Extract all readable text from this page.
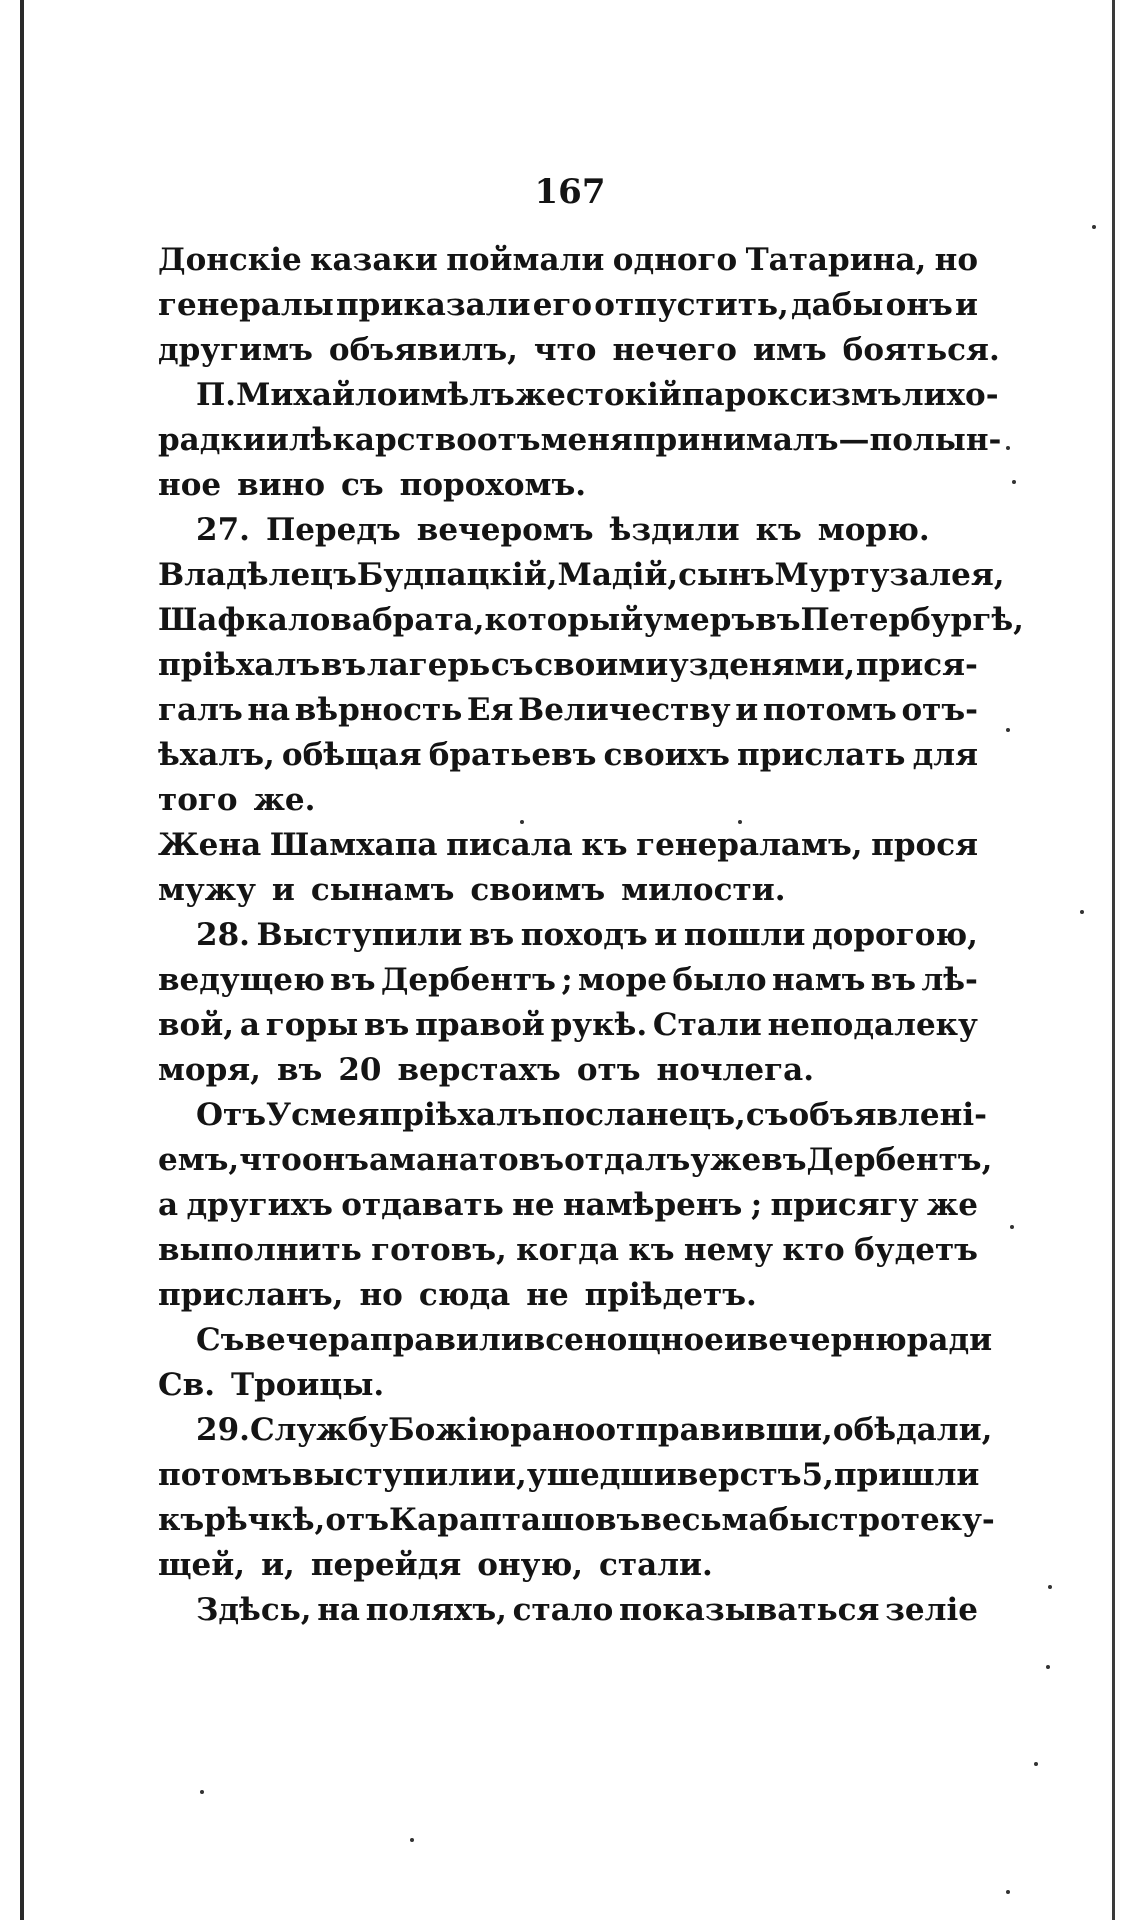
167
Донскіе казаки поймали одного Татарина, но
генералы приказали его отпустить, дабы онъ и
другимъ объявилъ, что нечего имъ бояться.
П. Михайло имѣлъ жестокій пароксизмъ лихо-
радки и лѣкарство отъ меня принималъ—полын-
ное вино съ порохомъ.
27. Передъ вечеромъ ѣздили къ морю.
Владѣлецъ Будпацкій, Мадій, сынъ Муртузалея,
Шафкалова брата, который умеръ въ Петербургѣ,
пріѣхалъ въ лагерь съ своими узденями, прися-
галъ на вѣрность Ея Величеству и потомъ отъ-
ѣхалъ, обѣщая братьевъ своихъ прислать для
того же.
Жена Шамхапа писала къ генераламъ, прося
мужу и сынамъ своимъ милости.
28. Выступили въ походъ и пошли дорогою,
ведущею въ Дербентъ ; море было намъ въ лѣ-
вой, а горы въ правой рукѣ. Стали неподалеку
моря, въ 20 верстахъ отъ ночлега.
Отъ Усмея пріѣхалъ посланецъ, съ объявленi-
емъ, что онъ аманатовъ отдалъ уже въ Дербентъ,
а другихъ отдавать не намѣренъ ; присягу же
выполнить готовъ, когда къ нему кто будетъ
присланъ, но сюда не пріѣдетъ.
Съ вечера правили всенощное и вечерню ради
Св. Троицы.
29. Службу Божію рано отправивши, обѣдали,
потомъ выступили и, ушедши верстъ 5, пришли
къ рѣчкѣ, отъ Карапташовъ весьма быстро теку-
щей, и, перейдя оную, стали.
Здѣсь, на поляхъ, стало показываться зеліе
